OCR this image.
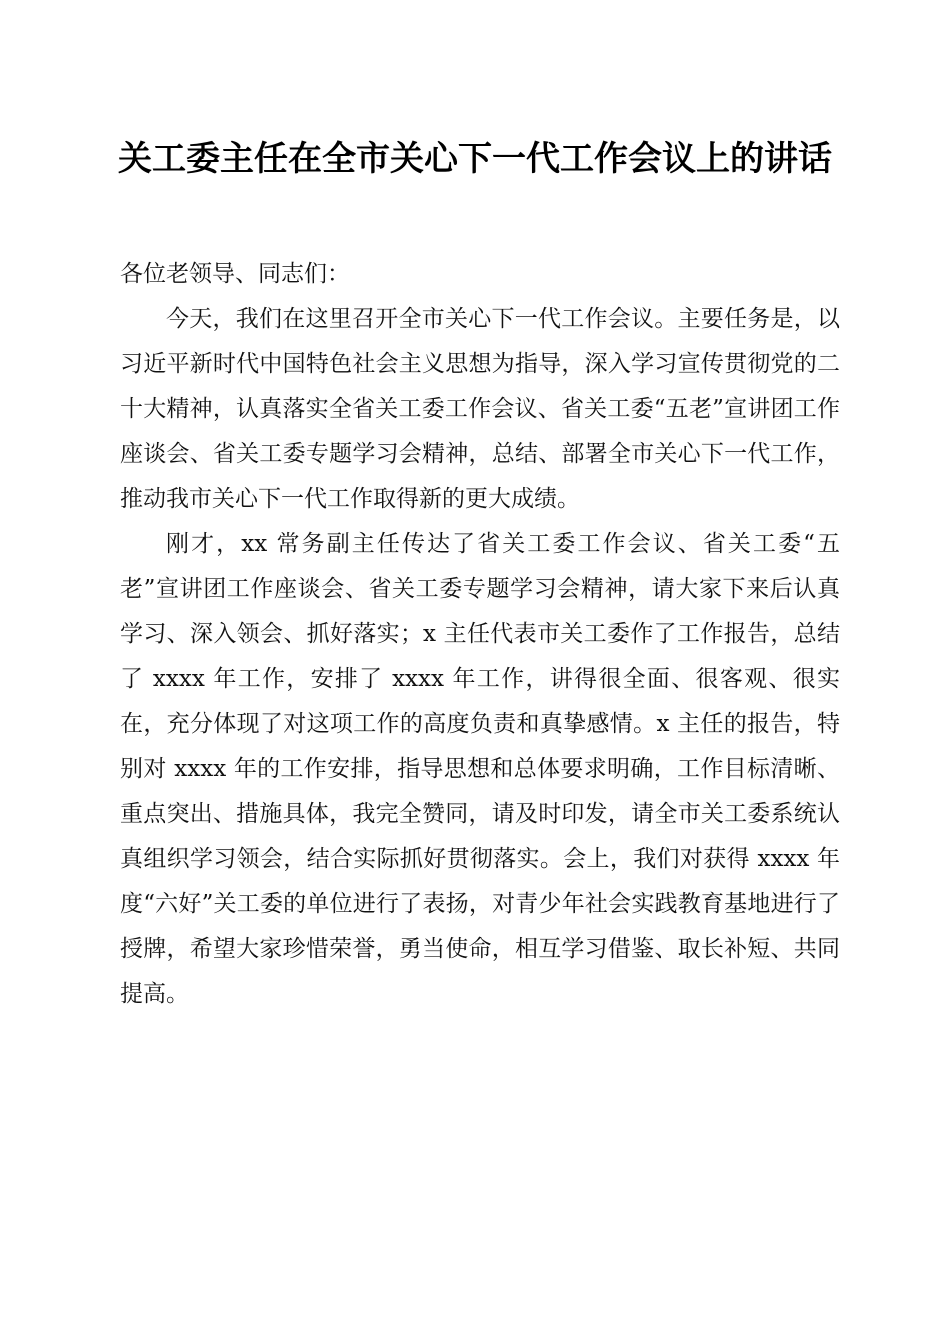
关工委主任在全市关心下一代工作会议上的讲话

各位老领导、同志们：

今天，我们在这里召开全市关心下一代工作会议。主要任务是，以习近平新时代中国特色社会主义思想为指导，深入学习宣传贯彻党的二十大精神，认真落实全省关工委工作会议、省关工委“五老”宣讲团工作座谈会、省关工委专题学习会精神，总结、部署全市关心下一代工作，推动我市关心下一代工作取得新的更大成绩。

刚才，xx 常务副主任传达了省关工委工作会议、省关工委“五老”宣讲团工作座谈会、省关工委专题学习会精神，请大家下来后认真学习、深入领会、抓好落实；x 主任代表市关工委作了工作报告，总结了 xxxx 年工作，安排了 xxxx 年工作，讲得很全面、很客观、很实在，充分体现了对这项工作的高度负责和真挚感情。x 主任的报告，特别对 xxxx 年的工作安排，指导思想和总体要求明确，工作目标清晰、重点突出、措施具体，我完全赞同，请及时印发，请全市关工委系统认真组织学习领会，结合实际抓好贯彻落实。会上，我们对获得 xxxx 年度“六好”关工委的单位进行了表扬，对青少年社会实践教育基地进行了授牌，希望大家珍惜荣誉，勇当使命，相互学习借鉴、取长补短、共同提高。
